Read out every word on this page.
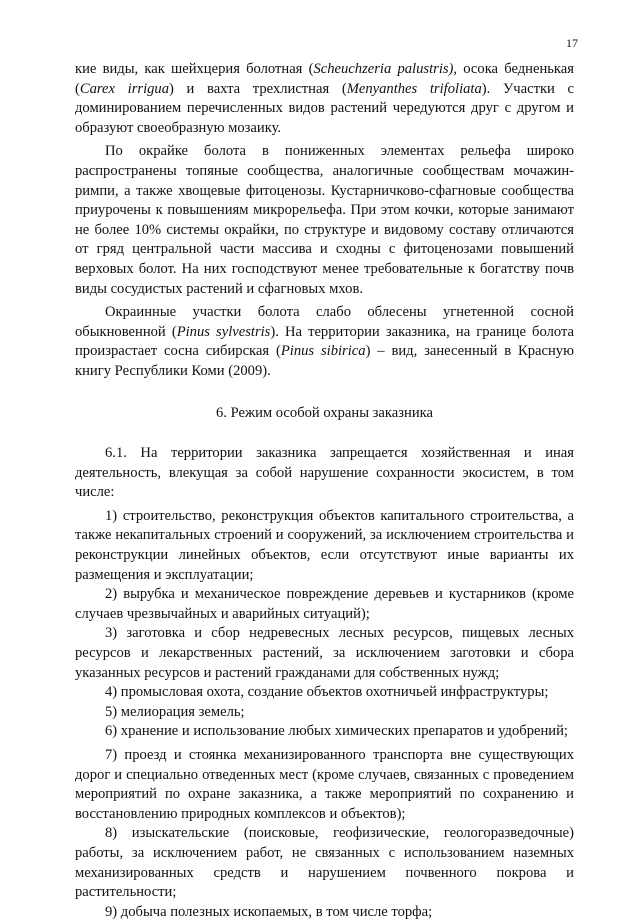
17

кие виды, как шейхцерия болотная (Scheuchzeria palustris), осока бедненькая (Carex irrigua) и вахта трехлистная (Menyanthes trifoliata). Участки с доминированием перечисленных видов растений чередуются друг с другом и образуют своеобразную мозаику.

По окрайке болота в пониженных элементах рельефа широко распространены топяные сообщества, аналогичные сообществам мочажин-римпи, а также хвощевые фитоценозы. Кустарничково-сфагновые сообщества приурочены к повышениям микрорельефа. При этом кочки, которые занимают не более 10% системы окрайки, по структуре и видовому составу отличаются от гряд центральной части массива и сходны с фитоценозами повышений верховых болот. На них господствуют менее требовательные к богатству почв виды сосудистых растений и сфагновых мхов.

Окраинные участки болота слабо облесены угнетенной сосной обыкновенной (Pinus sylvestris). На территории заказника, на границе болота произрастает сосна сибирская (Pinus sibirica) – вид, занесенный в Красную книгу Республики Коми (2009).

6. Режим особой охраны заказника

6.1. На территории заказника запрещается хозяйственная и иная деятельность, влекущая за собой нарушение сохранности экосистем, в том числе:

1) строительство, реконструкция объектов капитального строительства, а также некапитальных строений и сооружений, за исключением строительства и реконструкции линейных объектов, если отсутствуют иные варианты их размещения и эксплуатации;

2) вырубка и механическое повреждение деревьев и кустарников (кроме случаев чрезвычайных и аварийных ситуаций);

3) заготовка и сбор недревесных лесных ресурсов, пищевых лесных ресурсов и лекарственных растений, за исключением заготовки и сбора указанных ресурсов и растений гражданами для собственных нужд;

4) промысловая охота, создание объектов охотничьей инфраструктуры;

5) мелиорация земель;

6) хранение и использование любых химических препаратов и удобрений;

7) проезд и стоянка механизированного транспорта вне существующих дорог и специально отведенных мест (кроме случаев, связанных с проведением мероприятий по охране заказника, а также мероприятий по сохранению и восстановлению природных комплексов и объектов);

8) изыскательские (поисковые, геофизические, геологоразведочные) работы, за исключением работ, не связанных с использованием наземных механизированных средств и нарушением почвенного покрова и растительности;

9) добыча полезных ископаемых, в том числе торфа;
